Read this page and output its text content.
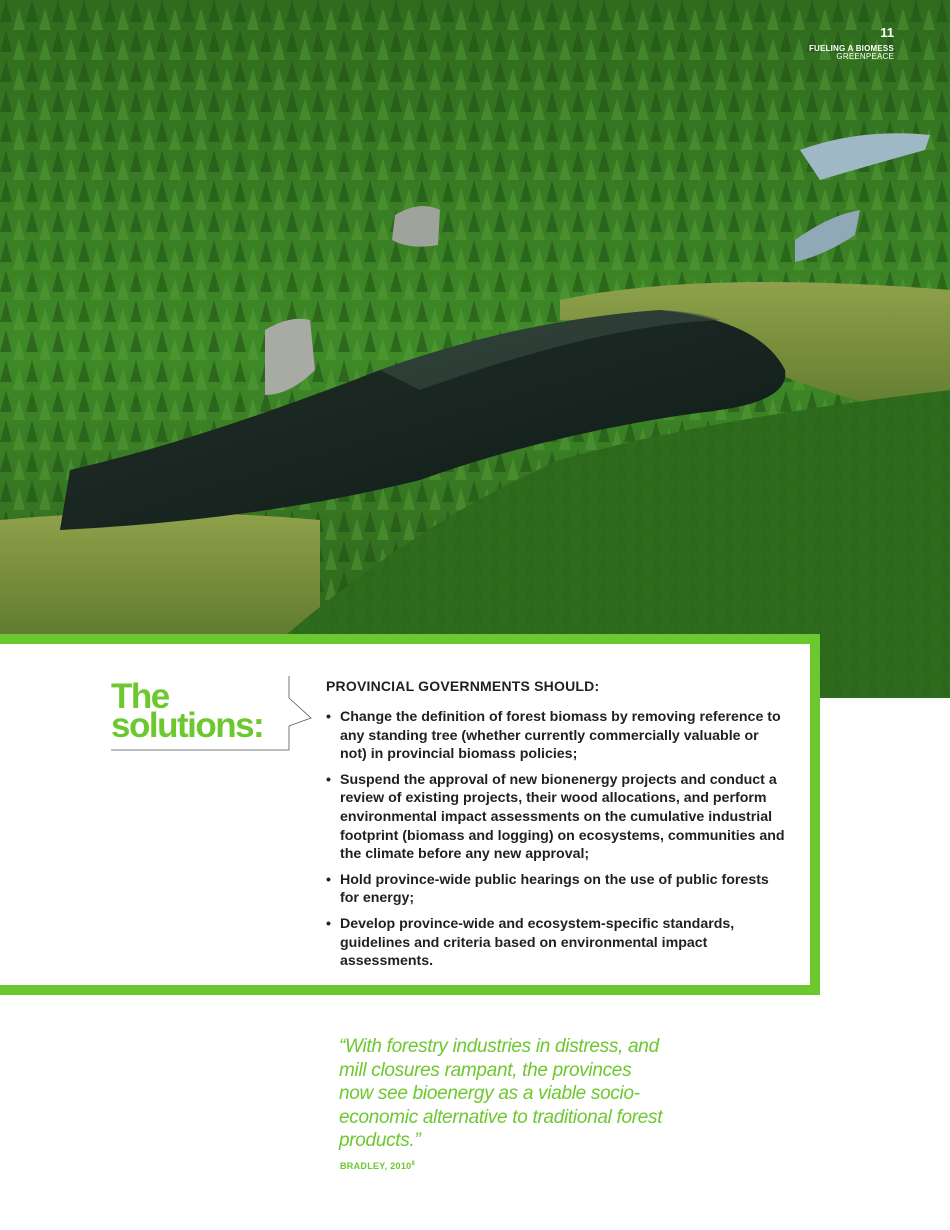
11
FUELING A BIOMESS
GREENPEACE
The
solutions:
PROVINCIAL GOVERNMENTS SHOULD:
• Change the definition of forest biomass by removing reference to any standing tree (whether currently commercially valuable or not) in provincial biomass policies;
• Suspend the approval of new bionenergy projects and conduct a review of existing projects, their wood allocations, and perform environmental impact assessments on the cumulative industrial footprint (biomass and logging) on ecosystems, communities and the climate before any new approval;
• Hold province-wide public hearings on the use of public forests for energy;
• Develop province-wide and ecosystem-specific standards, guidelines and criteria based on environmental impact assessments.

“With forestry industries in distress, and mill closures rampant, the provinces now see bioenergy as a viable socio-economic alternative to traditional forest products.”

BRADLEY, 2010$^8$
